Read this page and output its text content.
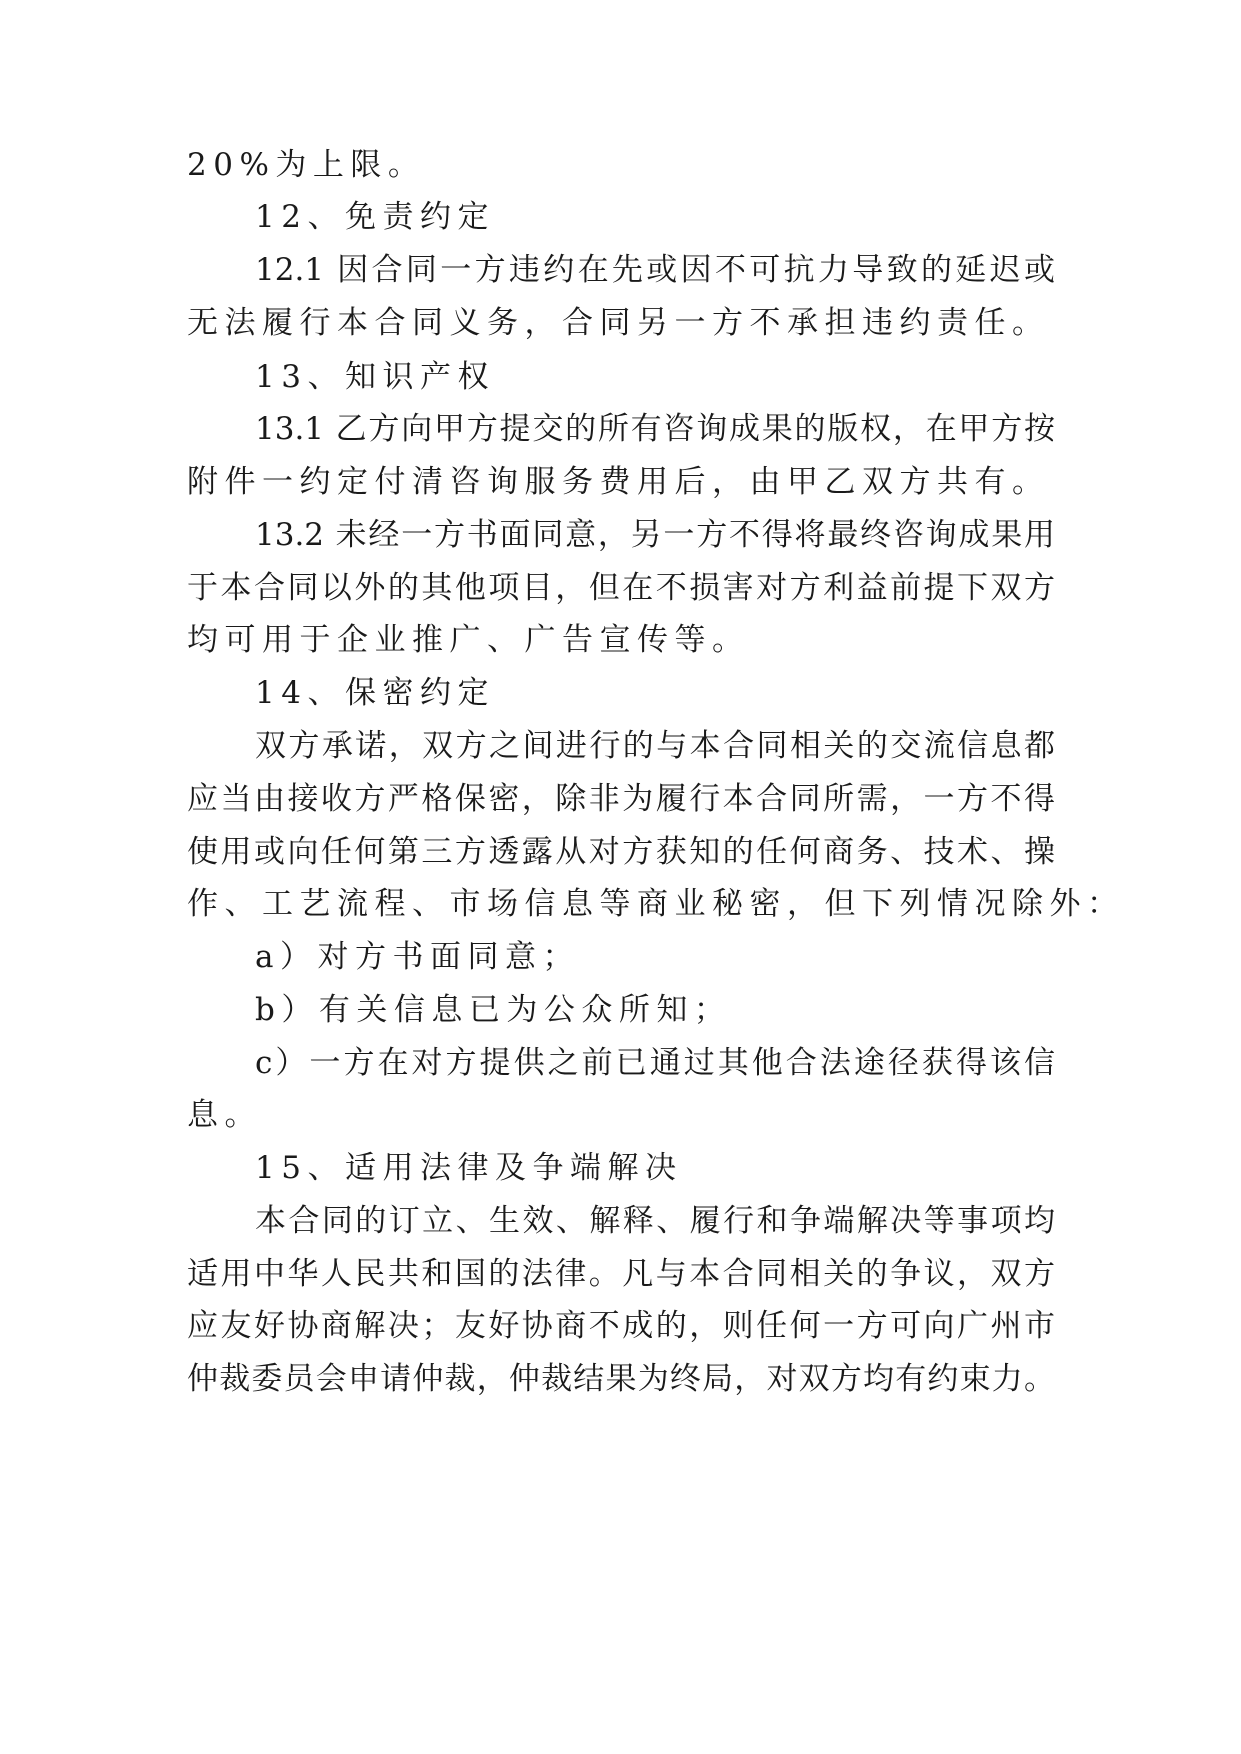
20%为上限。
12、免责约定
12.1 因合同一方违约在先或因不可抗力导致的延迟或
无法履行本合同义务，合同另一方不承担违约责任。
13、知识产权
13.1 乙方向甲方提交的所有咨询成果的版权，在甲方按
附件一约定付清咨询服务费用后，由甲乙双方共有。
13.2 未经一方书面同意，另一方不得将最终咨询成果用
于本合同以外的其他项目，但在不损害对方利益前提下双方
均可用于企业推广、广告宣传等。
14、保密约定
双方承诺，双方之间进行的与本合同相关的交流信息都
应当由接收方严格保密，除非为履行本合同所需，一方不得
使用或向任何第三方透露从对方获知的任何商务、技术、操
作、工艺流程、市场信息等商业秘密，但下列情况除外：
a）对方书面同意；
b）有关信息已为公众所知；
c）一方在对方提供之前已通过其他合法途径获得该信
息。
15、适用法律及争端解决
本合同的订立、生效、解释、履行和争端解决等事项均
适用中华人民共和国的法律。凡与本合同相关的争议，双方
应友好协商解决；友好协商不成的，则任何一方可向广州市
仲裁委员会申请仲裁，仲裁结果为终局，对双方均有约束力。
